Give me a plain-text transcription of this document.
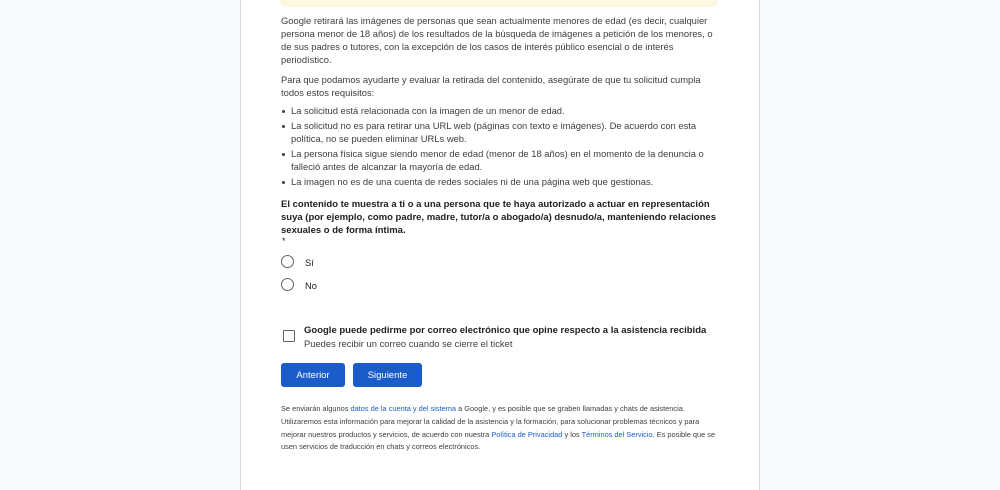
Google retirará las imágenes de personas que sean actualmente menores de edad (es decir, cualquier persona menor de 18 años) de los resultados de la búsqueda de imágenes a petición de los menores, o de sus padres o tutores, con la excepción de los casos de interés público esencial o de interés periodístico.

Para que podamos ayudarte y evaluar la retirada del contenido, asegúrate de que tu solicitud cumpla todos estos requisitos:

La solicitud está relacionada con la imagen de un menor de edad.
La solicitud no es para retirar una URL web (páginas con texto e imágenes). De acuerdo con esta política, no se pueden eliminar URLs web.
La persona física sigue siendo menor de edad (menor de 18 años) en el momento de la denuncia o falleció antes de alcanzar la mayoría de edad.
La imagen no es de una cuenta de redes sociales ni de una página web que gestionas.
El contenido te muestra a ti o a una persona que te haya autorizado a actuar en representación suya (por ejemplo, como padre, madre, tutor/a o abogado/a) desnudo/a, manteniendo relaciones sexuales o de forma íntima.
*
Sí
No
Google puede pedirme por correo electrónico que opine respecto a la asistencia recibida
Puedes recibir un correo cuando se cierre el ticket
Anterior	Siguiente
Se enviarán algunos datos de la cuenta y del sistema a Google, y es posible que se graben llamadas y chats de asistencia. Utilizaremos esta información para mejorar la calidad de la asistencia y la formación, para solucionar problemas técnicos y para mejorar nuestros productos y servicios, de acuerdo con nuestra Política de Privacidad y los Términos del Servicio. Es posible que se usen servicios de traducción en chats y correos electrónicos.
